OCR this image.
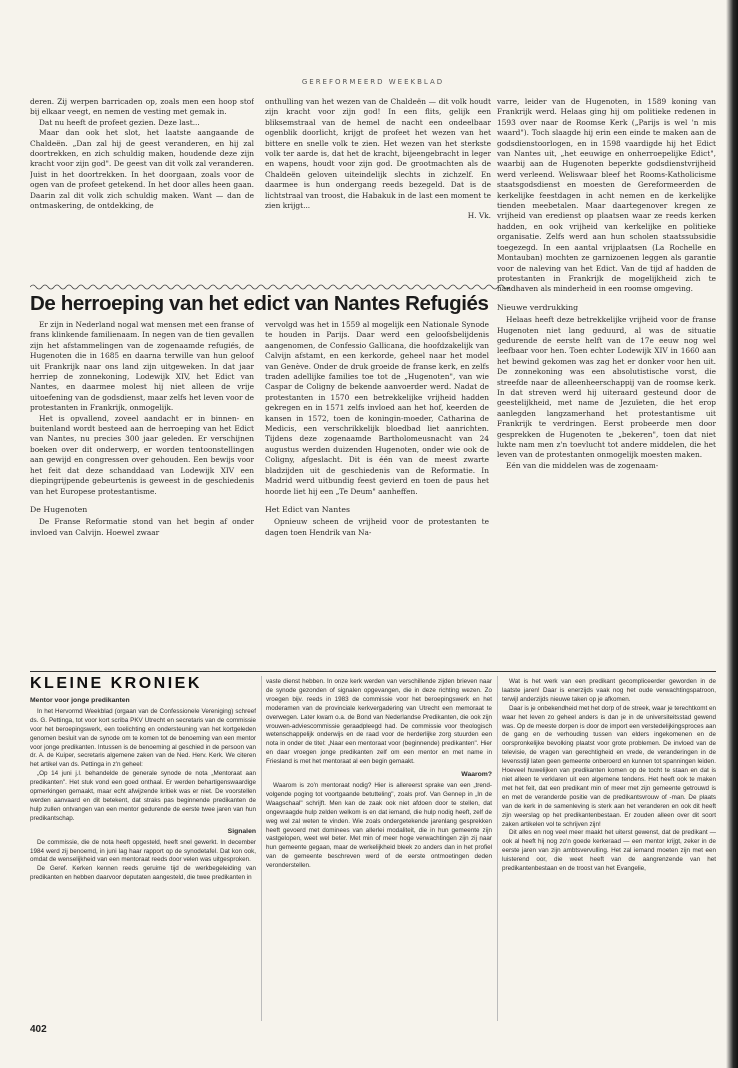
GEREFORMEERD WEEKBLAD

deren. Zij werpen barricaden op, zoals men een hoop stof bij elkaar veegt, en nemen de vesting met gemak in.

Dat nu heeft de profeet gezien. Deze last...

Maar dan ook het slot, het laatste aangaande de Chaldeën. „Dan zal hij de geest veranderen, en hij zal doortrekken, en zich schuldig maken, houdende deze zijn kracht voor zijn god". De geest van dit volk zal veranderen. Juist in het doortrekken. In het doorgaan, zoals voor de ogen van de profeet getekend. In het door alles heen gaan. Daarin zal dit volk zich schuldig maken. Want — dan de ontmaskering, de ontdekking, de

onthulling van het wezen van de Chaldeën — dit volk houdt zijn kracht voor zijn god! In een flits, gelijk een bliksemstraal van de hemel de nacht een ondeelbaar ogenblik doorlicht, krijgt de profeet het wezen van het bittere en snelle volk te zien. Het wezen van het sterkste volk ter aarde is, dat het de kracht, bijeengebracht in leger en wapens, houdt voor zijn god. De grootmachten als de Chaldeën geloven uiteindelijk slechts in zichzelf. En daarmee is hun ondergang reeds bezegeld. Dat is de lichtstraal van troost, die Habakuk in de last een moment te zien krijgt...

H. Vk.

De herroeping van het edict van Nantes Refugiés

varre, leider van de Hugenoten, in 1589 koning van Frankrijk werd. Helaas ging hij om politieke redenen in 1593 over naar de Roomse Kerk („Parijs is wel 'n mis waard"). Toch slaagde hij erin een einde te maken aan de godsdienstoorlogen, en in 1598 vaardigde hij het Edict van Nantes uit, „het eeuwige en onherroepelijke Edict", waarbij aan de Hugenoten beperkte godsdienstvrijheid werd verleend. Weliswaar bleef het Rooms-Katholicisme staatsgodsdienst en moesten de Gereformeerden de kerkelijke feestdagen in acht nemen en de kerkelijke tienden meebetalen. Maar daartegenover kregen ze vrijheid van eredienst op plaatsen waar ze reeds kerken hadden, en ook vrijheid van kerkelijke en politieke organisatie. Zelfs werd aan hun scholen staatssubsidie toegezegd. In een aantal vrijplaatsen (La Rochelle en Montauban) mochten ze garnizoenen leggen als garantie voor de naleving van het Edict. Van de tijd af hadden de protestanten in Frankrijk de mogelijkheid zich te handhaven als minderheid in een roomse omgeving.

Nieuwe verdrukking

Helaas heeft deze betrekkelijke vrijheid voor de franse Hugenoten niet lang geduurd, al was de situatie gedurende de eerste helft van de 17e eeuw nog wel leefbaar voor hen. Toen echter Lodewijk XIV in 1660 aan het bewind gekomen was zag het er donker voor hen uit. De zonnekoning was een absolutistische vorst, die streefde naar de alleenheerschappij van de roomse kerk. In dat streven werd hij uiteraard gesteund door de geestelijkheid, met name de Jezuïeten, die het erop aanlegden langzamerhand het protestantisme uit Frankrijk te verdringen. Eerst probeerde men door gesprekken de Hugenoten te „bekeren", toen dat niet lukte nam men z'n toevlucht tot andere middelen, die het leven van de protestanten onmogelijk moesten maken.

Eén van die middelen was de zogenaam-

Er zijn in Nederland nogal wat mensen met een franse of frans klinkende familienaam. In negen van de tien gevallen zijn het afstammelingen van de zogenaamde refugiés, de Hugenoten die in 1685 en daarna terwille van hun geloof uit Frankrijk naar ons land zijn uitgeweken. In dat jaar herriep de zonnekoning, Lodewijk XIV, het Edict van Nantes, en daarmee molest hij niet alleen de vrije uitoefening van de godsdienst, maar zelfs het leven voor de protestanten in Frankrijk, onmogelijk.

Het is opvallend, zoveel aandacht er in binnen- en buitenland wordt besteed aan de herroeping van het Edict van Nantes, nu precies 300 jaar geleden. Er verschijnen boeken over dit onderwerp, er worden tentoonstellingen aan gewijd en congressen over gehouden. Een bewijs voor het feit dat deze schanddaad van Lodewijk XIV een diepingrijpende gebeurtenis is geweest in de geschiedenis van het Europese protestantisme.

De Hugenoten

De Franse Reformatie stond van het begin af onder invloed van Calvijn. Hoewel zwaar

vervolgd was het in 1559 al mogelijk een Nationale Synode te houden in Parijs. Daar werd een geloofsbelijdenis aangenomen, de Confessio Gallicana, die hoofdzakelijk van Calvijn afstamt, en een kerkorde, geheel naar het model van Genève. Onder de druk groeide de franse kerk, en zelfs traden adellijke families toe tot de „Hugenoten", van wie Caspar de Coligny de bekende aanvoerder werd. Nadat de protestanten in 1570 een betrekkelijke vrijheid hadden gekregen en in 1571 zelfs invloed aan het hof, keerden de kansen in 1572, toen de koningin-moeder, Catharina de Medicis, een verschrikkelijk bloedbad liet aanrichten. Tijdens deze zogenaamde Bartholomeusnacht van 24 augustus werden duizenden Hugenoten, onder wie ook de Coligny, afgeslacht. Dit is één van de meest zwarte bladzijden uit de geschiedenis van de Reformatie. In Madrid werd uitbundig feest gevierd en toen de paus het hoorde liet hij een „Te Deum" aanheffen.

Het Edict van Nantes

Opnieuw scheen de vrijheid voor de protestanten te dagen toen Hendrik van Na-

KLEINE KRONIEK
Mentor voor jonge predikanten

In het Hervormd Weekblad (orgaan van de Confessionele Vereniging) schreef ds. G. Pettinga, tot voor kort scriba PKV Utrecht en secretaris van de commissie voor het beroepingswerk, een toelichting en ondersteuning van het kortgeleden genomen besluit van de synode om te komen tot de benoeming van een mentor voor jonge predikanten. Intussen is de benoeming al geschied in de persoon van dr. A. de Kuiper, secretaris algemene zaken van de Ned. Herv. Kerk. We citeren het artikel van ds. Pettinga in z'n geheel:

„Op 14 juni j.l. behandelde de generale synode de nota „Mentoraat aan predikanten". Het stuk vond een goed onthaal. Er werden behartigenswaardige opmerkingen gemaakt, maar echt afwijzende kritiek was er niet. De voorstellen werden aanvaard en dit betekent, dat straks pas beginnende predikanten de hulp zullen ontvangen van een mentor gedurende de eerste twee jaren van hun predikantschap.

Signalen

De commissie, die de nota heeft opgesteld, heeft snel gewerkt. In december 1984 werd zij benoemd, in juni lag haar rapport op de synodetafel. Dat kon ook, omdat de wenselijkheid van een mentoraat reeds door velen was uitgesproken.

De Geref. Kerken kennen reeds geruime tijd de werkbegeleiding van predikanten en hebben daarvoor deputaten aangesteld, die twee predikanten in

vaste dienst hebben. In onze kerk werden van verschillende zijden brieven naar de synode gezonden of signalen opgevangen, die in deze richting wezen. Zo vroegen bijv. reeds in 1983 de commissie voor het beroepingswerk en het moderamen van de provinciale kerkvergadering van Utrecht een memoraat te overwegen. Later kwam o.a. de Bond van Nederlandse Predikanten, die ook zijn vrouwen-adviescommissie geraadpleegd had. De commissie voor theologisch wetenschappelijk onderwijs en de raad voor de herderlijke zorg stuurden een nota in onder de titel: „Naar een mentoraat voor (beginnende) predikanten". Hier en daar vroegen jonge predikanten zelf om een mentor en met name in Friesland is met het mentoraat al een begin gemaakt.

Waarom?

Waarom is zo'n mentoraat nodig? Hier is allereerst sprake van een „trend-volgende poging tot voortgaande betutteling", zoals prof. Van Gennep in „In de Waagschaal" schrijft. Men kan de zaak ook niet afdoen door te stellen, dat ongevraagde hulp zelden welkom is en dat iemand, die hulp nodig heeft, zelf de weg wel zal weten te vinden. Wie zoals ondergetekende jarenlang gesprekken heeft gevoerd met dominees van allerlei modaliteit, die in hun gemeente zijn vastgelopen, weet wel beter. Met min of meer hoge verwachtingen zijn zij naar hun gemeente gegaan, maar de werkelijkheid bleek zo anders dan in het profiel van de gemeente beschreven werd of de eerste ontmoetingen deden veronderstellen.

Wat is het werk van een predikant gecompliceerder geworden in de laatste jaren! Daar is enerzijds vaak nog het oude verwachtingspatroon, terwijl anderzijds nieuwe taken op je afkomen.

Daar is je onbekendheid met het dorp of de streek, waar je terechtkomt en waar het leven zo geheel anders is dan je in de universiteitsstad gewend was. Op de meeste dorpen is door de import een verstedelijkingsproces aan de gang en de verhouding tussen van elders ingekomenen en de oorspronkelijke bevolking plaatst voor grote problemen. De invloed van de televisie, de vragen van gerechtigheid en vrede, de veranderingen in de levensstijl laten geen gemeente onberoerd en kunnen tot spanningen leiden. Hoeveel huwelijken van predikanten komen op de tocht te staan en dat is niet alleen te verklaren uit een algemene tendens. Het heeft ook te maken met het feit, dat een predikant min of meer met zijn gemeente getrouwd is en met de veranderde positie van de predikantsvrouw of -man. De plaats van de kerk in de samenleving is sterk aan het veranderen en ook dit heeft zijn weerslag op het predikantenbestaan. Er zouden alleen over dit soort zaken artikelen vol te schrijven zijn!

Dit alles en nog veel meer maakt het uiterst gewenst, dat de predikant — ook al heeft hij nog zo'n goede kerkeraad — een mentor krijgt, zeker in de eerste jaren van zijn ambtsvervulling. Het zal iemand moeten zijn met een luisterend oor, die weet heeft van de aangrenzende van het predikantenbestaan en de troost van het Evangelie,

402
